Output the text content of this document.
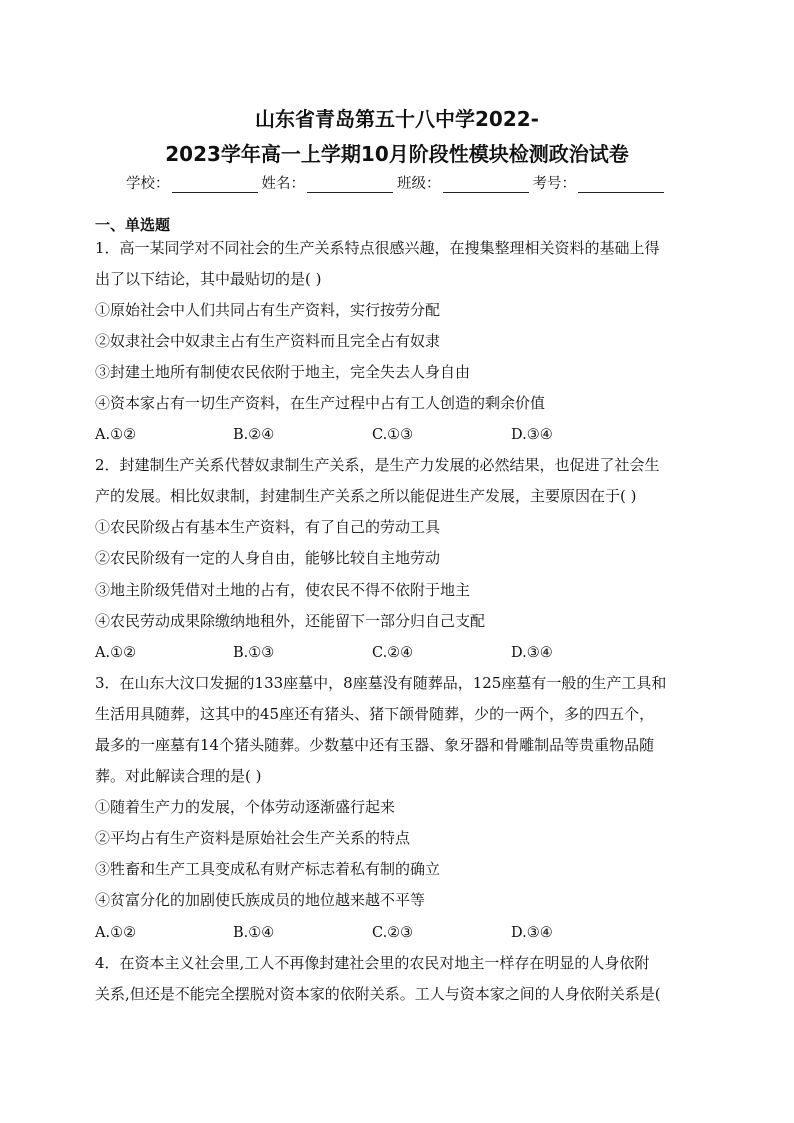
山东省青岛第五十八中学2022-
2023学年高一上学期10月阶段性模块检测政治试卷
学校：	姓名：	班级：	考号：
一、单选题
1．高一某同学对不同社会的生产关系特点很感兴趣，在搜集整理相关资料的基础上得
出了以下结论，其中最贴切的是( )
①原始社会中人们共同占有生产资料，实行按劳分配
②奴隶社会中奴隶主占有生产资料而且完全占有奴隶
③封建土地所有制使农民依附于地主，完全失去人身自由
④资本家占有一切生产资料，在生产过程中占有工人创造的剩余价值
A.①②	B.②④	C.①③	D.③④
2．封建制生产关系代替奴隶制生产关系，是生产力发展的必然结果，也促进了社会生
产的发展。相比奴隶制，封建制生产关系之所以能促进生产发展，主要原因在于( )
①农民阶级占有基本生产资料，有了自己的劳动工具
②农民阶级有一定的人身自由，能够比较自主地劳动
③地主阶级凭借对土地的占有，使农民不得不依附于地主
④农民劳动成果除缴纳地租外，还能留下一部分归自己支配
A.①②	B.①③	C.②④	D.③④
3．在山东大汶口发掘的133座墓中，8座墓没有随葬品，125座墓有一般的生产工具和
生活用具随葬，这其中的45座还有猪头、猪下颌骨随葬，少的一两个，多的四五个，
最多的一座墓有14个猪头随葬。少数墓中还有玉器、象牙器和骨雕制品等贵重物品随
葬。对此解读合理的是( )
①随着生产力的发展，个体劳动逐渐盛行起来
②平均占有生产资料是原始社会生产关系的特点
③牲畜和生产工具变成私有财产标志着私有制的确立
④贫富分化的加剧使氏族成员的地位越来越不平等
A.①②	B.①④	C.②③	D.③④
4．在资本主义社会里,工人不再像封建社会里的农民对地主一样存在明显的人身依附
关系,但还是不能完全摆脱对资本家的依附关系。工人与资本家之间的人身依附关系是(
